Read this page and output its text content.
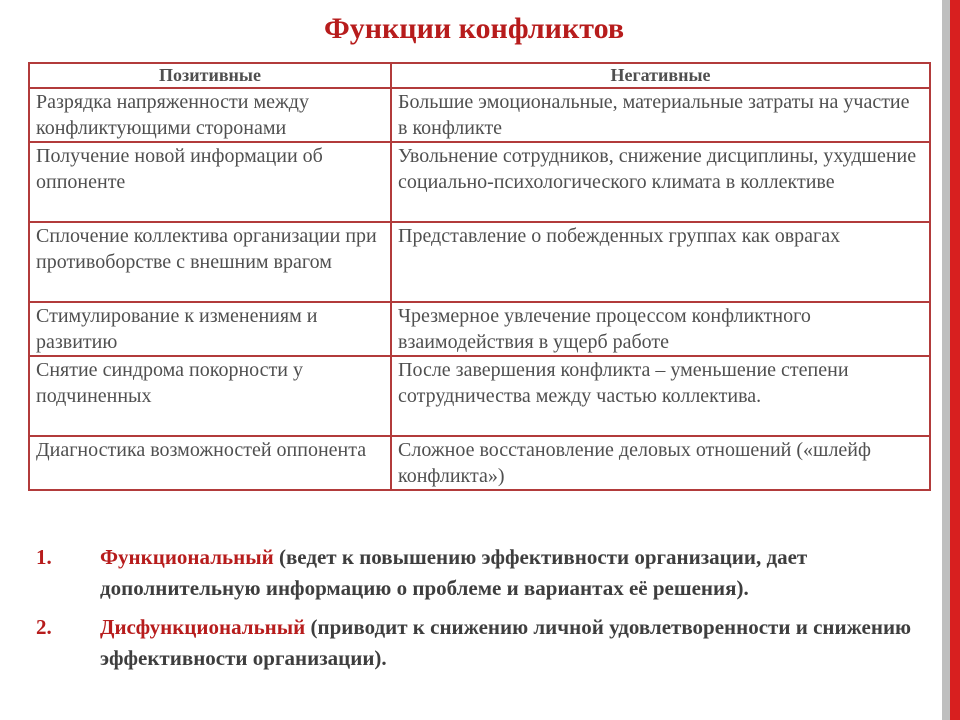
Функции конфликтов
Позитивные	Негативные
Разрядка напряженности между конфликтующими сторонами	Большие эмоциональные, материальные затраты на участие в конфликте
Получение новой информации об оппоненте	Увольнение сотрудников, снижение дисциплины, ухудшение социально-психологического климата в коллективе
Сплочение коллектива организации при противоборстве с внешним врагом	Представление о побежденных группах как оврагах
Стимулирование к изменениям и развитию	Чрезмерное увлечение процессом конфликтного взаимодействия в ущерб работе
Снятие синдрома покорности у подчиненных	После завершения конфликта – уменьшение степени сотрудничества между частью коллектива.
Диагностика возможностей оппонента	Сложное восстановление деловых отношений («шлейф конфликта»)
1. Функциональный (ведет к повышению эффективности организации, дает дополнительную информацию о проблеме и вариантах её решения).
2. Дисфункциональный (приводит к снижению личной удовлетворенности и снижению эффективности организации).
